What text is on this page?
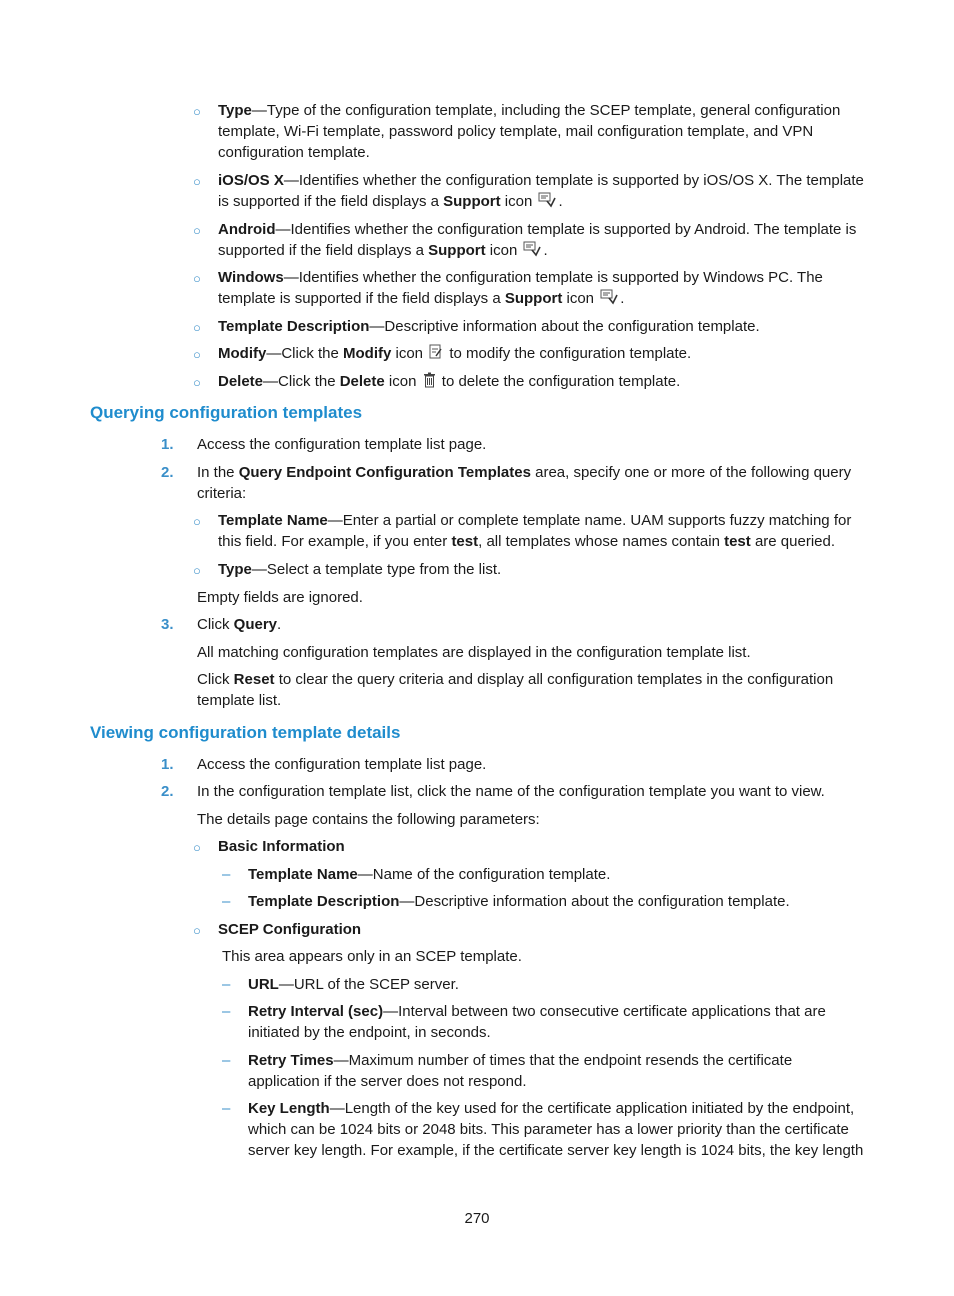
○ Type—Type of the configuration template, including the SCEP template, general configuration template, Wi-Fi template, password policy template, mail configuration template, and VPN configuration template.
○ iOS/OS X—Identifies whether the configuration template is supported by iOS/OS X. The template is supported if the field displays a Support icon .
○ Android—Identifies whether the configuration template is supported by Android. The template is supported if the field displays a Support icon .
○ Windows—Identifies whether the configuration template is supported by Windows PC. The template is supported if the field displays a Support icon .
○ Template Description—Descriptive information about the configuration template.
○ Modify—Click the Modify icon  to modify the configuration template.
○ Delete—Click the Delete icon  to delete the configuration template.
Querying configuration templates
1. Access the configuration template list page.
2. In the Query Endpoint Configuration Templates area, specify one or more of the following query criteria:
○ Template Name—Enter a partial or complete template name. UAM supports fuzzy matching for this field. For example, if you enter test, all templates whose names contain test are queried.
○ Type—Select a template type from the list.
Empty fields are ignored.
3. Click Query.
All matching configuration templates are displayed in the configuration template list.
Click Reset to clear the query criteria and display all configuration templates in the configuration template list.
Viewing configuration template details
1. Access the configuration template list page.
2. In the configuration template list, click the name of the configuration template you want to view.
The details page contains the following parameters:
○ Basic Information
– Template Name—Name of the configuration template.
– Template Description—Descriptive information about the configuration template.
○ SCEP Configuration
This area appears only in an SCEP template.
– URL—URL of the SCEP server.
– Retry Interval (sec)—Interval between two consecutive certificate applications that are initiated by the endpoint, in seconds.
– Retry Times—Maximum number of times that the endpoint resends the certificate application if the server does not respond.
– Key Length—Length of the key used for the certificate application initiated by the endpoint, which can be 1024 bits or 2048 bits. This parameter has a lower priority than the certificate server key length. For example, if the certificate server key length is 1024 bits, the key length
270
